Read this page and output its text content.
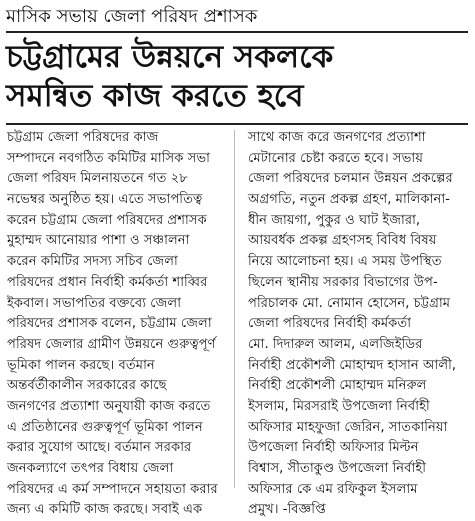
মাসিক সভায় জেলা পরিষদ প্রশাসক
চট্টগ্রামের উন্নয়নে সকলকে
সমন্বিত কাজ করতে হবে
চট্টগ্রাম জেলা পরিষদের কাজ
সম্পাদনে নবগঠিত কমিটির মাসিক সভা
জেলা পরিষদ মিলনায়তনে গত ২৮
নভেম্বর অনুষ্ঠিত হয়। এতে সভাপতিত্ব
করেন চট্টগ্রাম জেলা পরিষদের প্রশাসক
মুহাম্মদ আনোয়ার পাশা ও সঞ্চালনা
করেন কমিটির সদস্য সচিব জেলা
পরিষদের প্রধান নির্বাহী কর্মকর্তা শাব্বির
ইকবাল। সভাপতির বক্তব্যে জেলা
পরিষদের প্রশাসক বলেন, চট্টগ্রাম জেলা
পরিষদ জেলার গ্রামীণ উন্নয়নে গুরুত্বপূর্ণ
ভূমিকা পালন করছে। বর্তমান
অন্তর্বর্তীকালীন সরকারের কাছে
জনগণের প্রত্যাশা অনুযায়ী কাজ করতে
এ প্রতিষ্ঠানের গুরুত্বপূর্ণ ভূমিকা পালন
করার সুযোগ আছে। বর্তমান সরকার
জনকল্যাণে তৎপর বিধায় জেলা
পরিষদের এ কর্ম সম্পাদনে সহায়তা করার
জন্য এ কমিটি কাজ করছে। সবাই এক
সাথে কাজ করে জনগণের প্রত্যাশা
মেটানোর চেষ্টা করতে হবে। সভায়
জেলা পরিষদের চলমান উন্নয়ন প্রকল্পের
অগ্রগতি, নতুন প্রকল্প গ্রহণ, মালিকানা-
ধীন জায়গা, পুকুর ও ঘাট ইজারা,
আয়বর্ধক প্রকল্প গ্রহণসহ বিবিধ বিষয়
নিয়ে আলোচনা হয়। এ সময় উপস্থিত
ছিলেন স্থানীয় সরকার বিভাগের উপ-
পরিচালক মো. নোমান হোসেন, চট্টগ্রাম
জেলা পরিষদের নির্বাহী কর্মকর্তা
মো. দিদারুল আলম, এলজিইডির
নির্বাহী প্রকৌশলী মোহাম্মদ হাসান আলী,
নির্বাহী প্রকৌশলী মোহাম্মদ মনিরুল
ইসলাম, মিরসরাই উপজেলা নির্বাহী
অফিসার মাহফুজা জেরিন, সাতকানিয়া
উপজেলা নির্বাহী অফিসার মিল্টন
বিশ্বাস, সীতাকুণ্ড উপজেলা নির্বাহী
অফিসার কে এম রফিকুল ইসলাম
প্রমুখ। -বিজ্ঞপ্তি
